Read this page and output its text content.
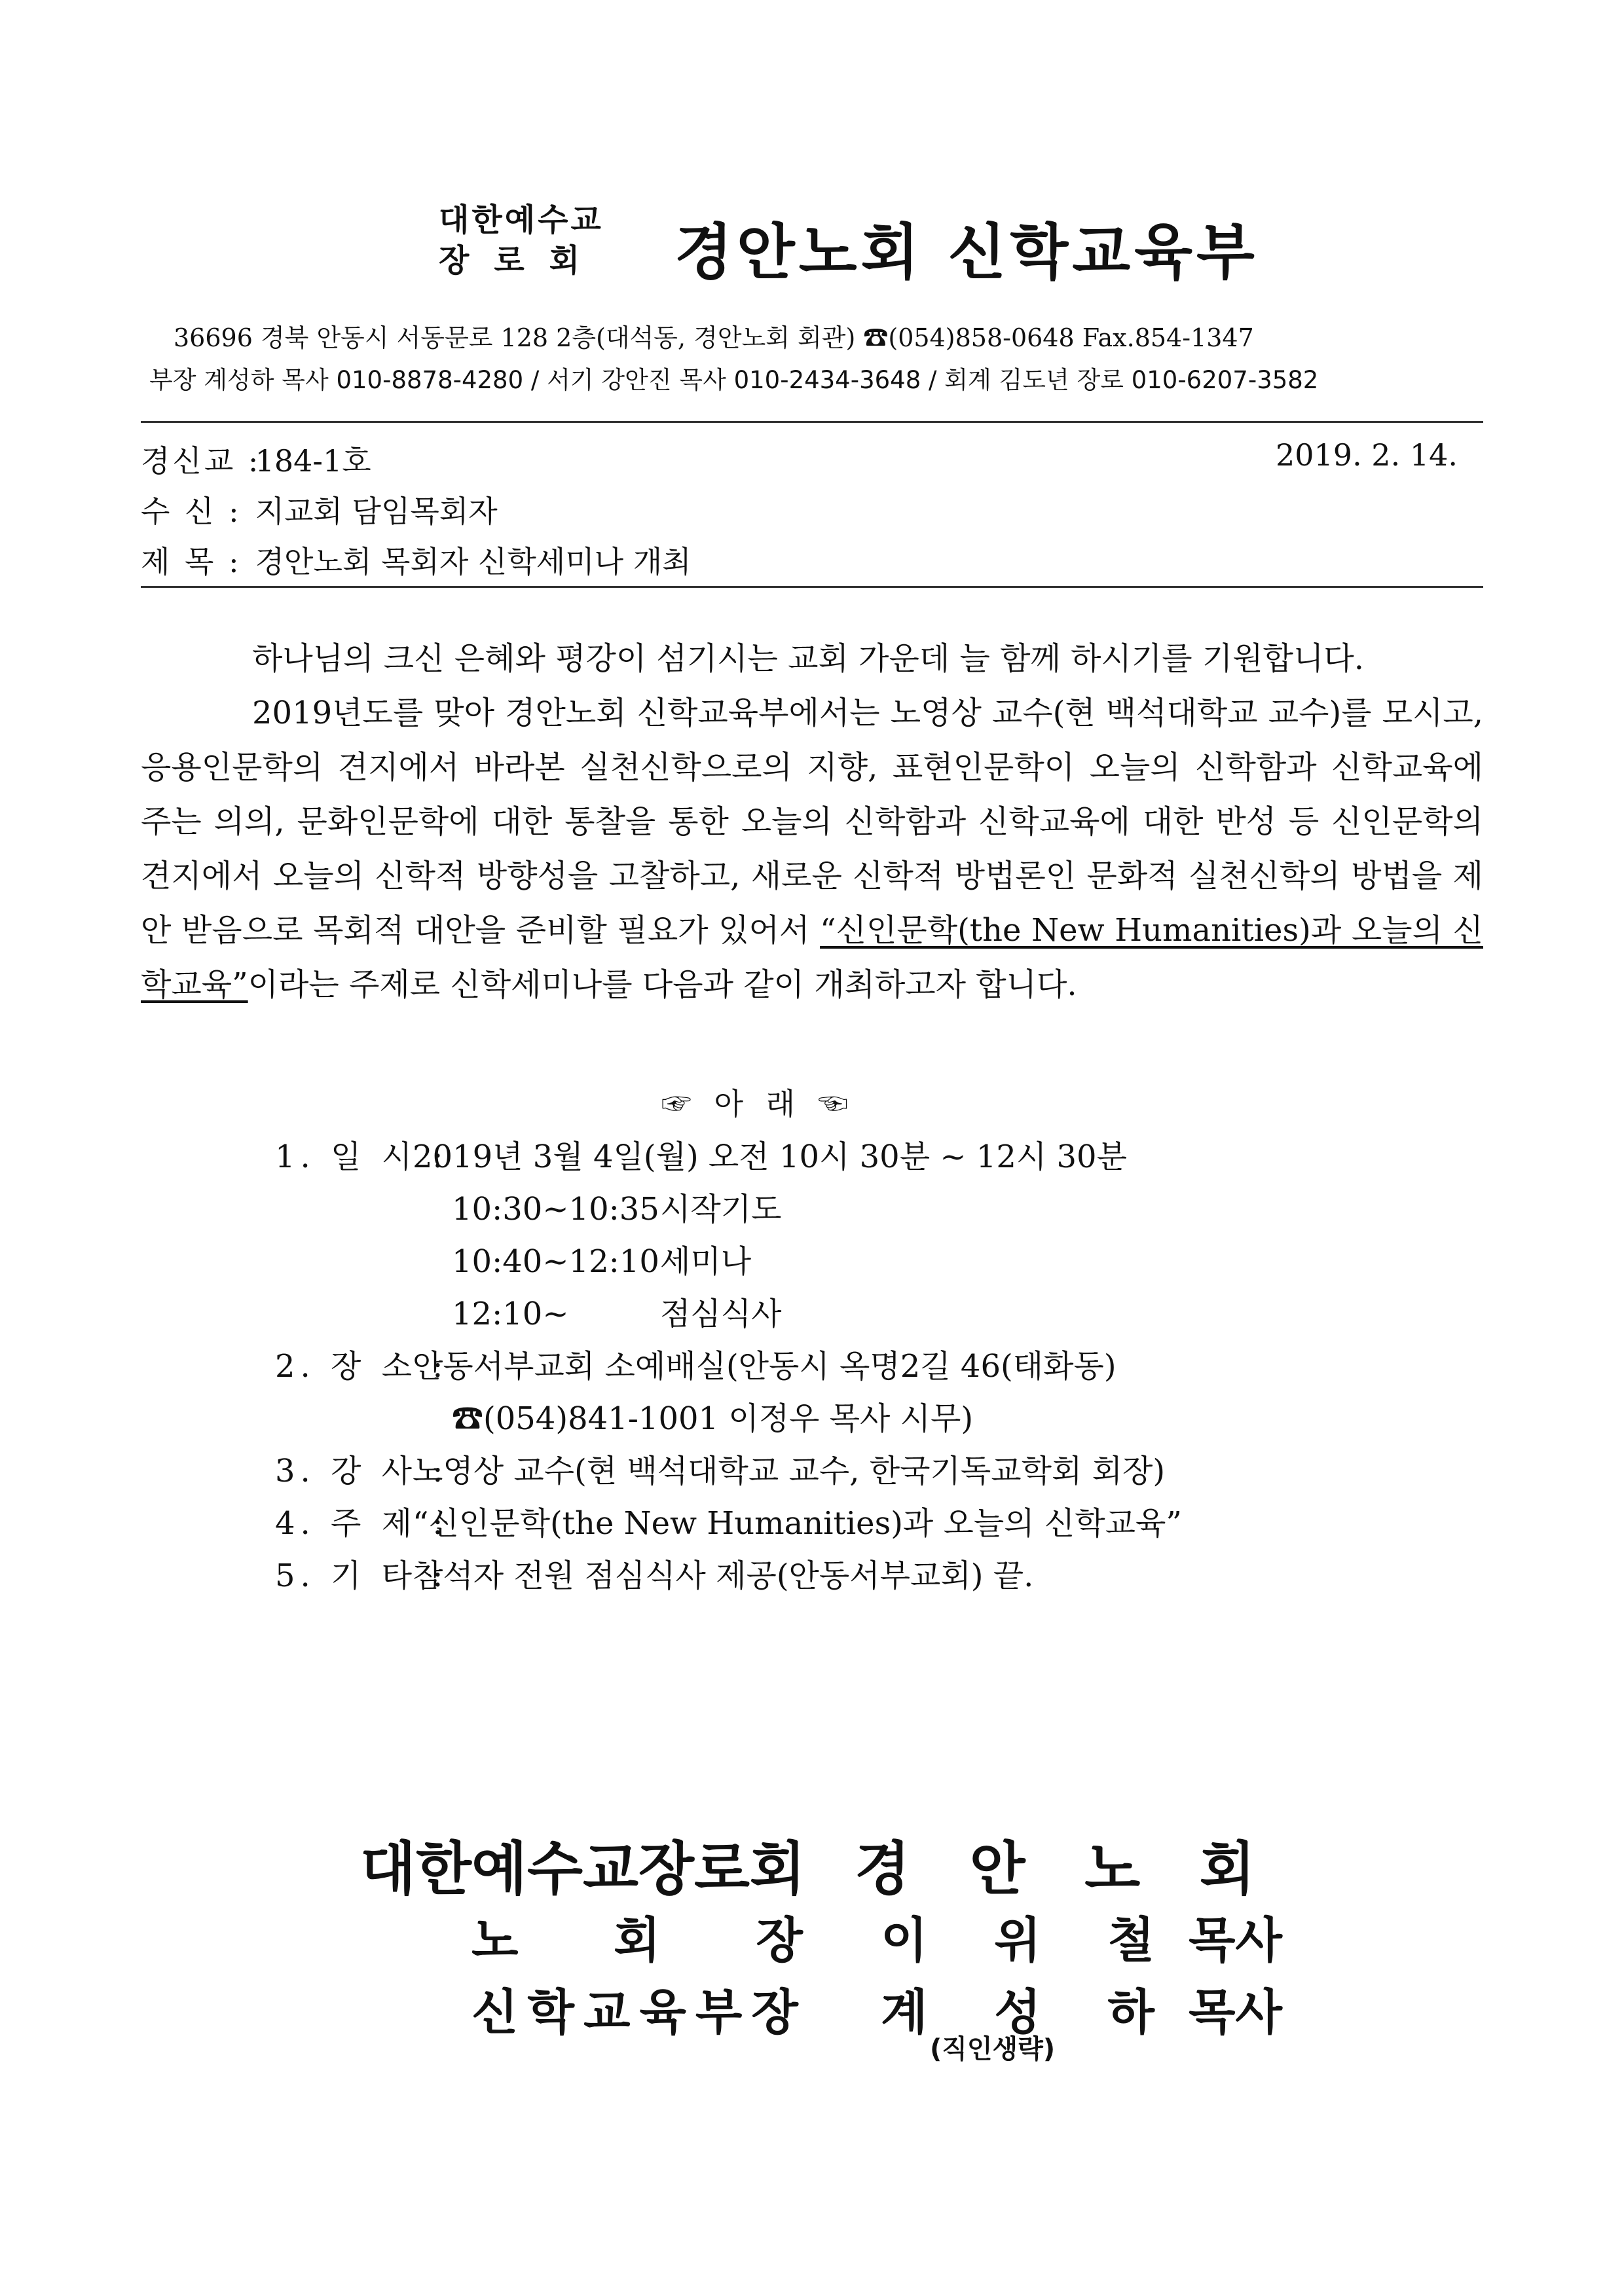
대한예수교
장로회 경안노회 신학교육부
36696 경북 안동시 서동문로 128 2층(대석동, 경안노회 회관) ☎(054)858-0648 Fax.854-1347
부장 계성하 목사 010-8878-4280 / 서기 강안진 목사 010-2434-3648 / 회계 김도년 장로 010-6207-3582
경신교 : 184-1호	2019. 2. 14.
수 신 : 지교회 담임목회자
제 목 : 경안노회 목회자 신학세미나 개최

하나님의 크신 은혜와 평강이 섬기시는 교회 가운데 늘 함께 하시기를 기원합니다.

2019년도를 맞아 경안노회 신학교육부에서는 노영상 교수(현 백석대학교 교수)를 모시고, 응용인문학의 견지에서 바라본 실천신학으로의 지향, 표현인문학이 오늘의 신학함과 신학교육에 주는 의의, 문화인문학에 대한 통찰을 통한 오늘의 신학함과 신학교육에 대한 반성 등 신인문학의 견지에서 오늘의 신학적 방향성을 고찰하고, 새로운 신학적 방법론인 문화적 실천신학의 방법을 제안 받음으로 목회적 대안을 준비할 필요가 있어서 “신인문학(the New Humanities)과 오늘의 신학교육”이라는 주제로 신학세미나를 다음과 같이 개최하고자 합니다.

☞ 아 래 ☜
1. 일 시 :2019년 3월 4일(월) 오전 10시 30분 ~ 12시 30분
10:30~10:35시작기도
10:40~12:10세미나
12:10~	점심식사
2. 장 소 :안동서부교회 소예배실(안동시 옥명2길 46(태화동)
☎(054)841-1001 이정우 목사 시무)
3. 강 사 :노영상 교수(현 백석대학교 교수, 한국기독교학회 회장)
4. 주 제 :“신인문학(the New Humanities)과 오늘의 신학교육”
5. 기 타 :참석자 전원 점심식사 제공(안동서부교회) 끝.
대한예수교장로회 경 안 노 회
노 회 장 이 위 철 목사
신학교육부장 계 성 하 목사
(직인생략)
